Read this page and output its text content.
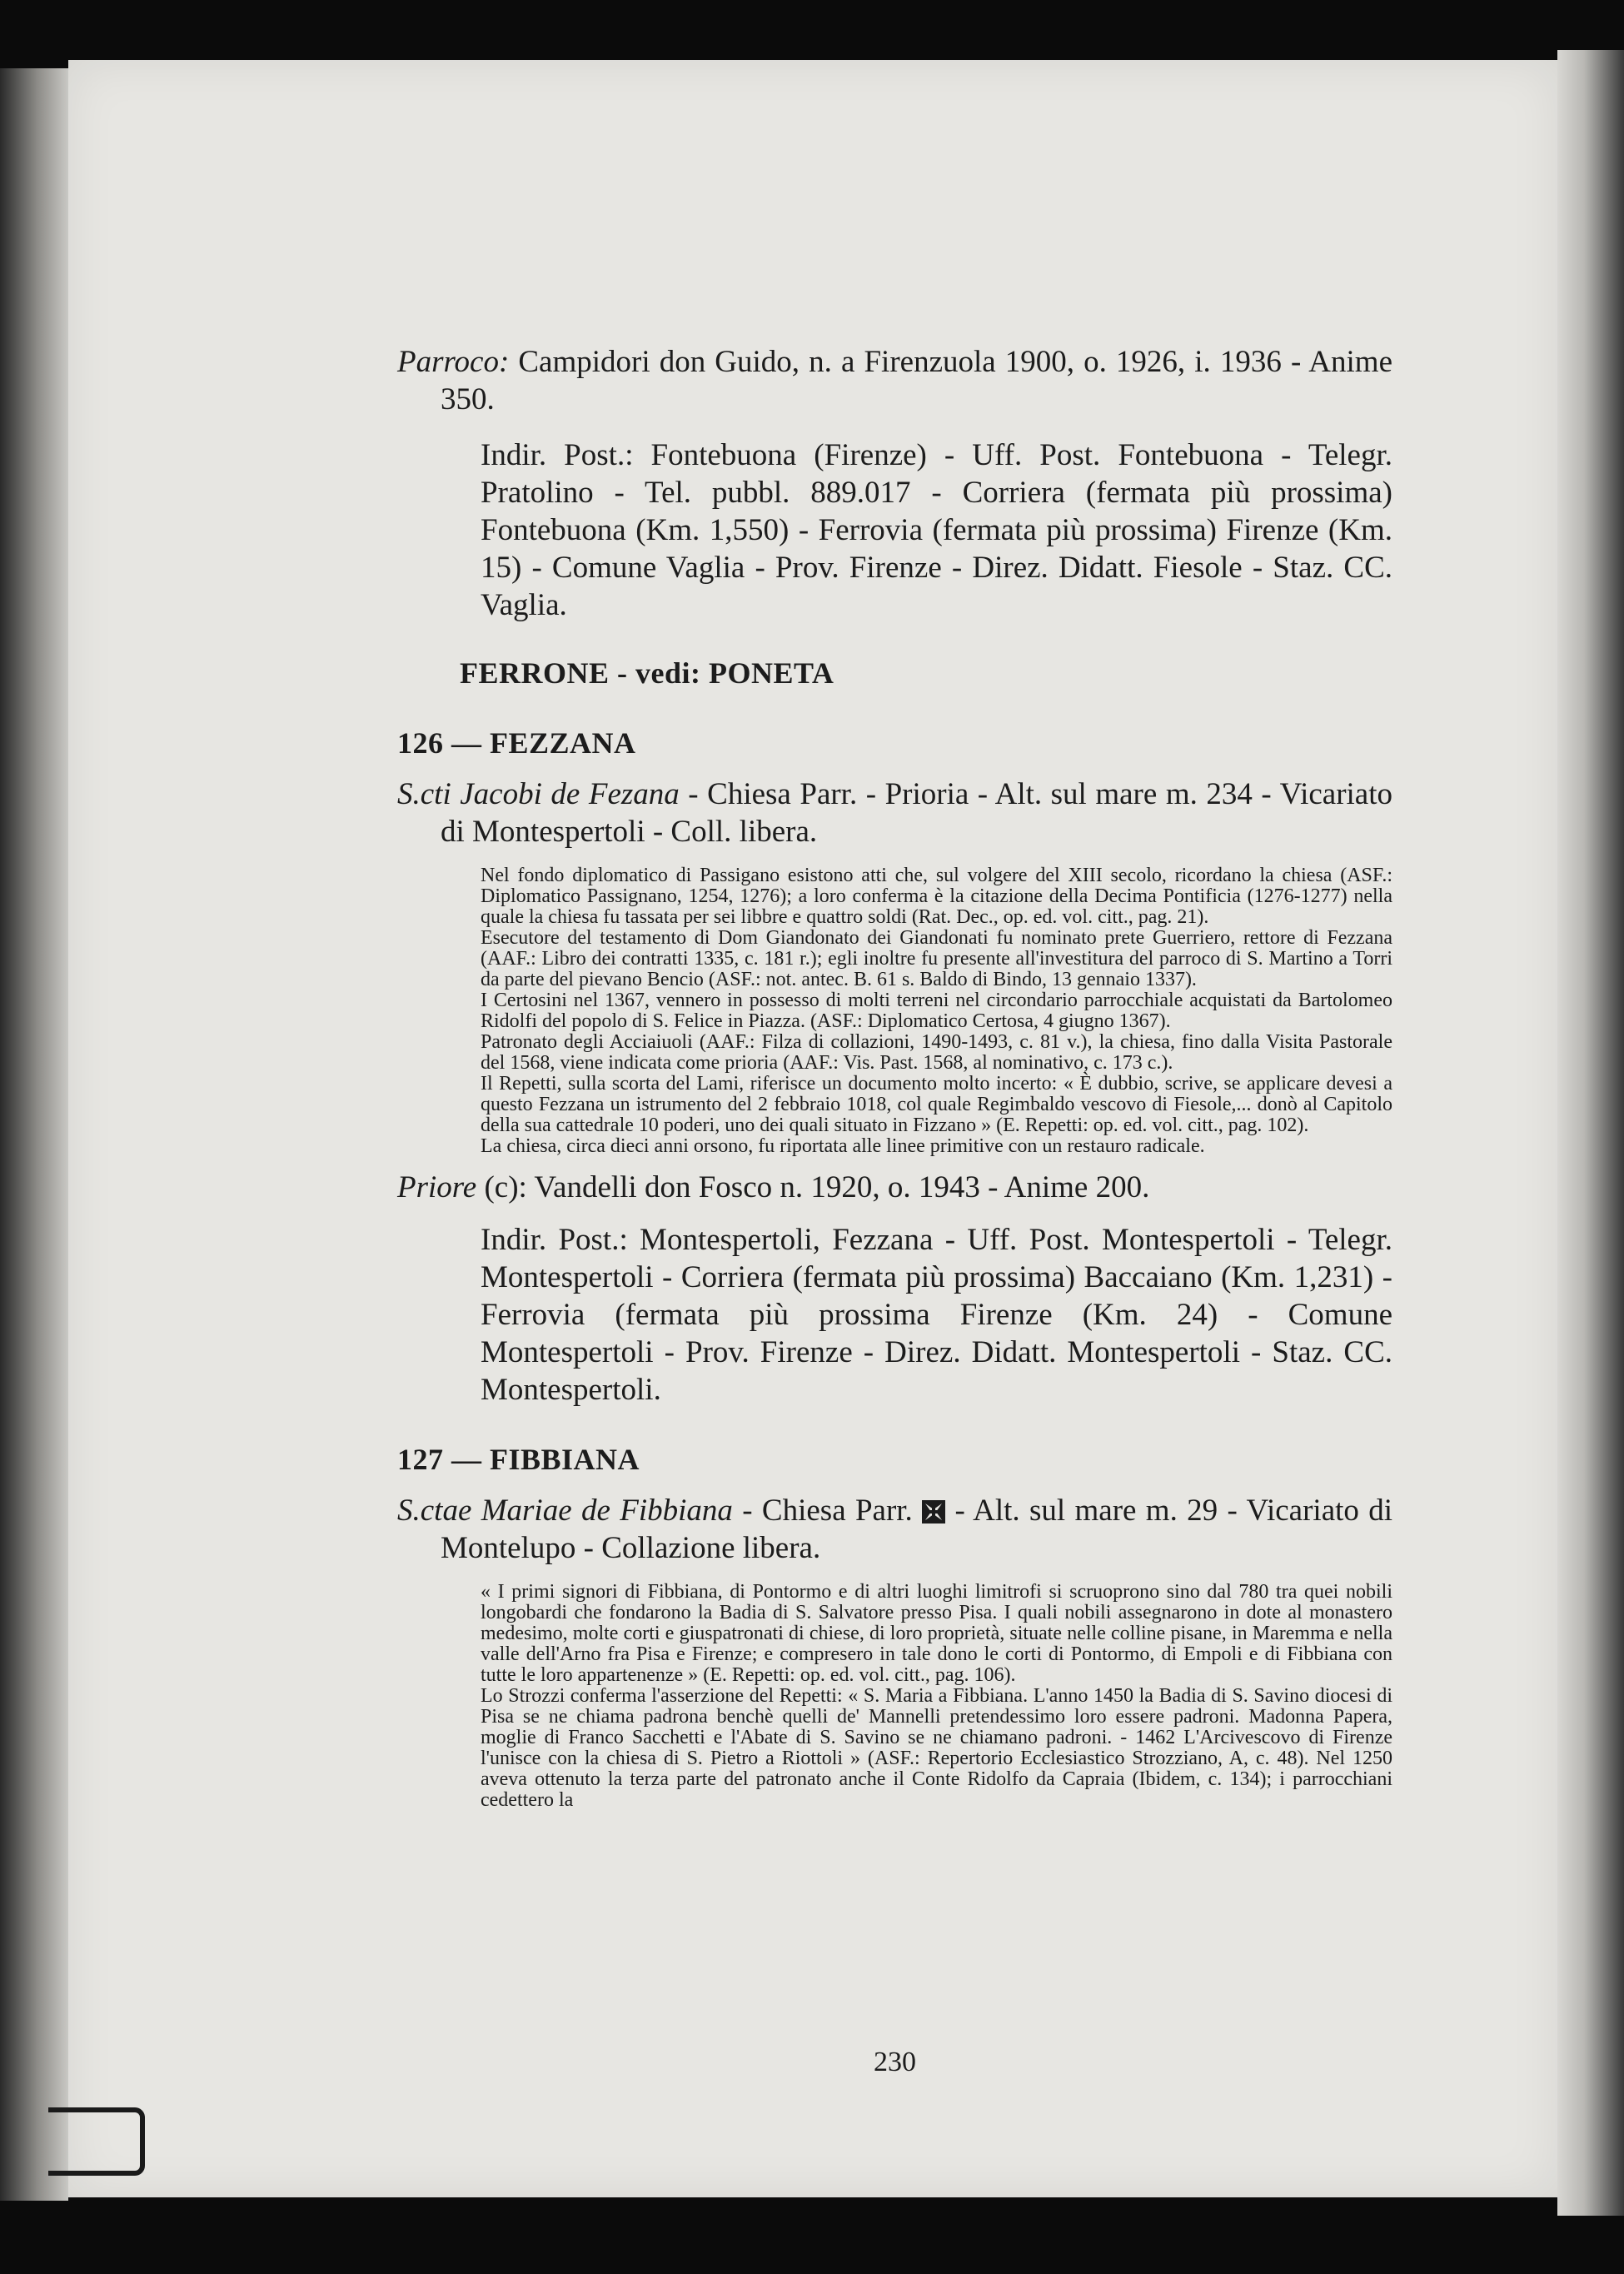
Parroco: Campidori don Guido, n. a Firenzuola 1900, o. 1926, i. 1936 - Anime 350.

Indir. Post.: Fontebuona (Firenze) - Uff. Post. Fontebuona - Telegr. Pratolino - Tel. pubbl. 889.017 - Corriera (fermata più prossima) Fontebuona (Km. 1,550) - Ferrovia (fermata più prossima) Firenze (Km. 15) - Comune Vaglia - Prov. Firenze - Direz. Didatt. Fiesole - Staz. CC. Vaglia.

FERRONE - vedi: PONETA

126 — FEZZANA

S.cti Jacobi de Fezana - Chiesa Parr. - Prioria - Alt. sul mare m. 234 - Vicariato di Montespertoli - Coll. libera.

Nel fondo diplomatico di Passigano esistono atti che, sul volgere del XIII secolo, ricordano la chiesa (ASF.: Diplomatico Passignano, 1254, 1276); a loro conferma è la citazione della Decima Pontificia (1276-1277) nella quale la chiesa fu tassata per sei libbre e quattro soldi (Rat. Dec., op. ed. vol. citt., pag. 21).

Esecutore del testamento di Dom Giandonato dei Giandonati fu nominato prete Guerriero, rettore di Fezzana (AAF.: Libro dei contratti 1335, c. 181 r.); egli inoltre fu presente all'investitura del parroco di S. Martino a Torri da parte del pievano Bencio (ASF.: not. antec. B. 61 s. Baldo di Bindo, 13 gennaio 1337).

I Certosini nel 1367, vennero in possesso di molti terreni nel circondario parrocchiale acquistati da Bartolomeo Ridolfi del popolo di S. Felice in Piazza. (ASF.: Diplomatico Certosa, 4 giugno 1367).

Patronato degli Acciaiuoli (AAF.: Filza di collazioni, 1490-1493, c. 81 v.), la chiesa, fino dalla Visita Pastorale del 1568, viene indicata come prioria (AAF.: Vis. Past. 1568, al nominativo, c. 173 c.).

Il Repetti, sulla scorta del Lami, riferisce un documento molto incerto: « È dubbio, scrive, se applicare devesi a questo Fezzana un istrumento del 2 febbraio 1018, col quale Regimbaldo vescovo di Fiesole,... donò al Capitolo della sua cattedrale 10 poderi, uno dei quali situato in Fizzano » (E. Repetti: op. ed. vol. citt., pag. 102).

La chiesa, circa dieci anni orsono, fu riportata alle linee primitive con un restauro radicale.

Priore (c): Vandelli don Fosco n. 1920, o. 1943 - Anime 200.

Indir. Post.: Montespertoli, Fezzana - Uff. Post. Montespertoli - Telegr. Montespertoli - Corriera (fermata più prossima) Baccaiano (Km. 1,231) - Ferrovia (fermata più prossima Firenze (Km. 24) - Comune Montespertoli - Prov. Firenze - Direz. Didatt. Montespertoli - Staz. CC. Montespertoli.

127 — FIBBIANA

S.ctae Mariae de Fibbiana - Chiesa Parr. - Alt. sul mare m. 29 - Vicariato di Montelupo - Collazione libera.

« I primi signori di Fibbiana, di Pontormo e di altri luoghi limitrofi si scruoprono sino dal 780 tra quei nobili longobardi che fondarono la Badia di S. Salvatore presso Pisa. I quali nobili assegnarono in dote al monastero medesimo, molte corti e giuspatronati di chiese, di loro proprietà, situate nelle colline pisane, in Maremma e nella valle dell'Arno fra Pisa e Firenze; e compresero in tale dono le corti di Pontormo, di Empoli e di Fibbiana con tutte le loro appartenenze » (E. Repetti: op. ed. vol. citt., pag. 106).

Lo Strozzi conferma l'asserzione del Repetti: « S. Maria a Fibbiana. L'anno 1450 la Badia di S. Savino diocesi di Pisa se ne chiama padrona benchè quelli de' Mannelli pretendessimo loro essere padroni. Madonna Papera, moglie di Franco Sacchetti e l'Abate di S. Savino se ne chiamano padroni. - 1462 L'Arcivescovo di Firenze l'unisce con la chiesa di S. Pietro a Riottoli » (ASF.: Repertorio Ecclesiastico Strozziano, A, c. 48). Nel 1250 aveva ottenuto la terza parte del patronato anche il Conte Ridolfo da Capraia (Ibidem, c. 134); i parrocchiani cedettero la

230
